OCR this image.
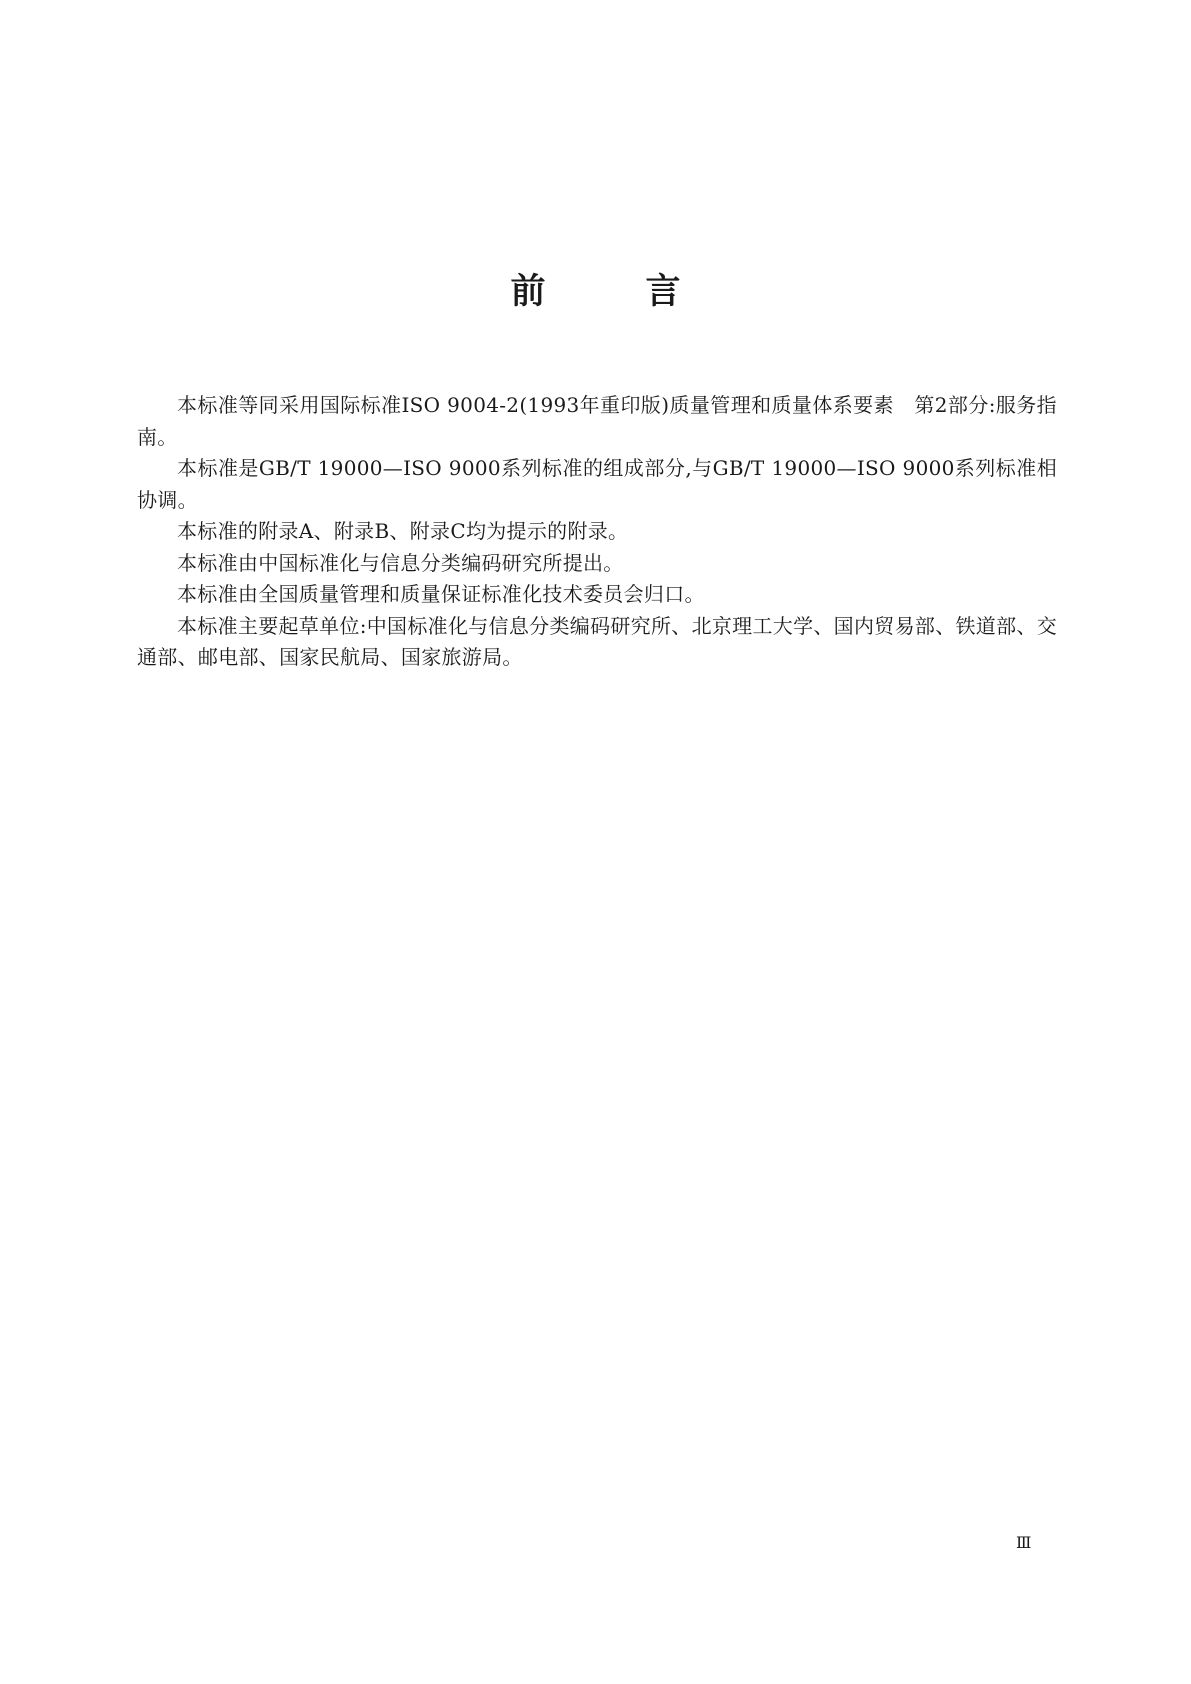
前言

本标准等同采用国际标准ISO 9004-2(1993年重印版)质量管理和质量体系要素　第2部分:服务指南。

本标准是GB/T 19000—ISO 9000系列标准的组成部分,与GB/T 19000—ISO 9000系列标准相协调。

本标准的附录A、附录B、附录C均为提示的附录。

本标准由中国标准化与信息分类编码研究所提出。

本标准由全国质量管理和质量保证标准化技术委员会归口。

本标准主要起草单位:中国标准化与信息分类编码研究所、北京理工大学、国内贸易部、铁道部、交通部、邮电部、国家民航局、国家旅游局。

Ⅲ
